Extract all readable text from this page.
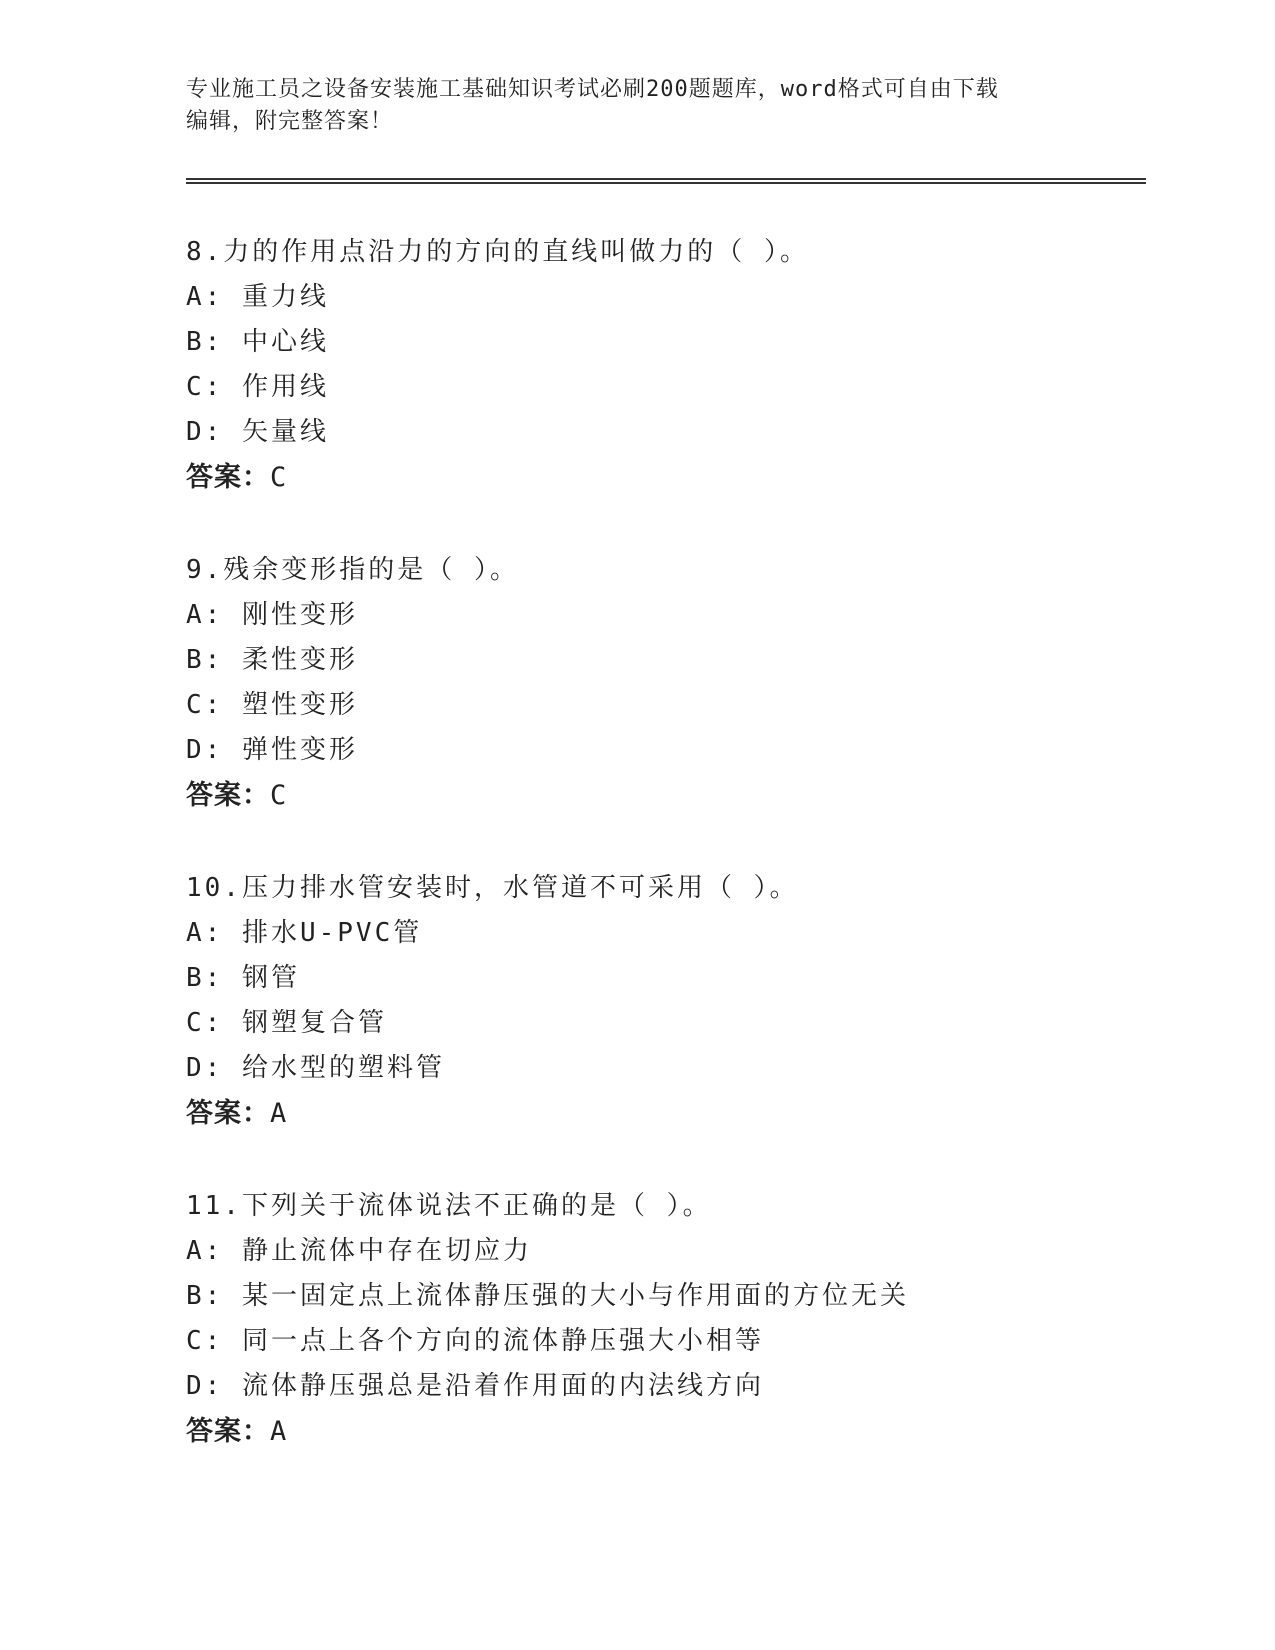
专业施工员之设备安装施工基础知识考试必刷200题题库，word格式可自由下载
编辑，附完整答案！
8.力的作用点沿力的方向的直线叫做力的（ ）。
A: 重力线
B: 中心线
C: 作用线
D: 矢量线
答案：C
9.残余变形指的是（ ）。
A: 刚性变形
B: 柔性变形
C: 塑性变形
D: 弹性变形
答案：C
10.压力排水管安装时，水管道不可采用（ ）。
A: 排水U-PVC管
B: 钢管
C: 钢塑复合管
D: 给水型的塑料管
答案：A
11.下列关于流体说法不正确的是（ ）。
A: 静止流体中存在切应力
B: 某一固定点上流体静压强的大小与作用面的方位无关
C: 同一点上各个方向的流体静压强大小相等
D: 流体静压强总是沿着作用面的内法线方向
答案：A
